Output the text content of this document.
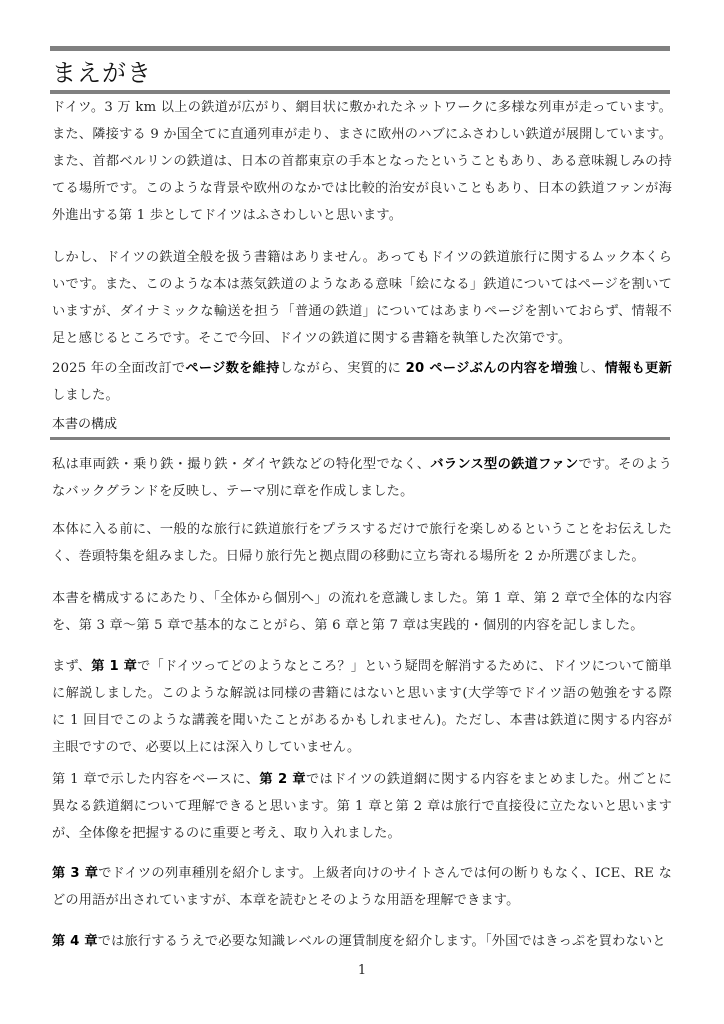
まえがき

ドイツ。3 万 km 以上の鉄道が広がり、網目状に敷かれたネットワークに多様な列車が走っています。また、隣接する 9 か国全てに直通列車が走り、まさに欧州のハブにふさわしい鉄道が展開しています。また、首都ベルリンの鉄道は、日本の首都東京の手本となったということもあり、ある意味親しみの持てる場所です。このような背景や欧州のなかでは比較的治安が良いこともあり、日本の鉄道ファンが海外進出する第 1 歩としてドイツはふさわしいと思います。

しかし、ドイツの鉄道全般を扱う書籍はありません。あってもドイツの鉄道旅行に関するムック本くらいです。また、このような本は蒸気鉄道のようなある意味「絵になる」鉄道についてはページを割いていますが、ダイナミックな輸送を担う「普通の鉄道」についてはあまりページを割いておらず、情報不足と感じるところです。そこで今回、ドイツの鉄道に関する書籍を執筆した次第です。

2025 年の全面改訂でページ数を維持しながら、実質的に 20 ページぶんの内容を増強し、情報も更新しました。

本書の構成

私は車両鉄・乗り鉄・撮り鉄・ダイヤ鉄などの特化型でなく、バランス型の鉄道ファンです。そのようなバックグランドを反映し、テーマ別に章を作成しました。

本体に入る前に、一般的な旅行に鉄道旅行をプラスするだけで旅行を楽しめるということをお伝えしたく、巻頭特集を組みました。日帰り旅行先と拠点間の移動に立ち寄れる場所を 2 か所選びました。

本書を構成するにあたり、「全体から個別へ」の流れを意識しました。第 1 章、第 2 章で全体的な内容を、第 3 章～第 5 章で基本的なことがら、第 6 章と第 7 章は実践的・個別的内容を記しました。

まず、第 1 章で「ドイツってどのようなところ？」という疑問を解消するために、ドイツについて簡単に解説しました。このような解説は同様の書籍にはないと思います(大学等でドイツ語の勉強をする際に 1 回目でこのような講義を聞いたことがあるかもしれません)。ただし、本書は鉄道に関する内容が主眼ですので、必要以上には深入りしていません。

第 1 章で示した内容をベースに、第 2 章ではドイツの鉄道網に関する内容をまとめました。州ごとに異なる鉄道網について理解できると思います。第 1 章と第 2 章は旅行で直接役に立たないと思いますが、全体像を把握するのに重要と考え、取り入れました。

第 3 章でドイツの列車種別を紹介します。上級者向けのサイトさんでは何の断りもなく、ICE、RE などの用語が出されていますが、本章を読むとそのような用語を理解できます。

第 4 章では旅行するうえで必要な知識レベルの運賃制度を紹介します。「外国ではきっぷを買わないと

1
